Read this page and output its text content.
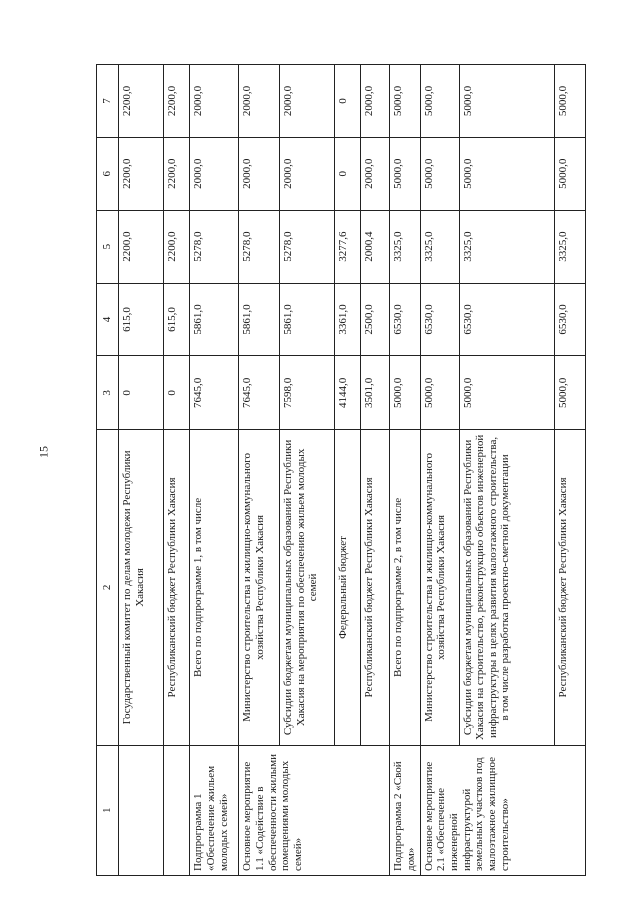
15
1	2	3	4	5	6	7
	Государственный комитет по делам молодежи Республики Хакасия	0	615,0	2200,0	2200,0	2200,0
	Республиканский бюджет Республики Хакасия	0	615,0	2200,0	2200,0	2200,0
Подпрограмма 1 «Обеспечение жильем молодых семей»	Всего по подпрограмме 1, в том числе	7645,0	5861,0	5278,0	2000,0	2000,0
Основное мероприятие 1.1 «Содействие в обеспеченности жилыми помещениями молодых семей»	Министерство строительства и жилищно-коммунального хозяйства Республики Хакасия	7645,0	5861,0	5278,0	2000,0	2000,0
	Субсидии бюджетам муниципальных образований Республики Хакасия на мероприятия по обеспечению жильем молодых семей	7598,0	5861,0	5278,0	2000,0	2000,0
	Федеральный бюджет	4144,0	3361,0	3277,6	0	0
	Республиканский бюджет Республики Хакасия	3501,0	2500,0	2000,4	2000,0	2000,0
Подпрограмма 2 «Свой дом»	Всего по подпрограмме 2, в том числе	5000,0	6530,0	3325,0	5000,0	5000,0
Основное мероприятие 2.1 «Обеспечение инженерной инфраструктурой земельных участков под малоэтажное жилищное строительство»	Министерство строительства и жилищно-коммунального хозяйства Республики Хакасия	5000,0	6530,0	3325,0	5000,0	5000,0
	Субсидии бюджетам муниципальных образований Республики Хакасия на строительство, реконструкцию объектов инженерной инфраструктуры в целях развития малоэтажного строительства, в том числе разработка проектно-сметной документации	5000,0	6530,0	3325,0	5000,0	5000,0
	Республиканский бюджет Республики Хакасия	5000,0	6530,0	3325,0	5000,0	5000,0
